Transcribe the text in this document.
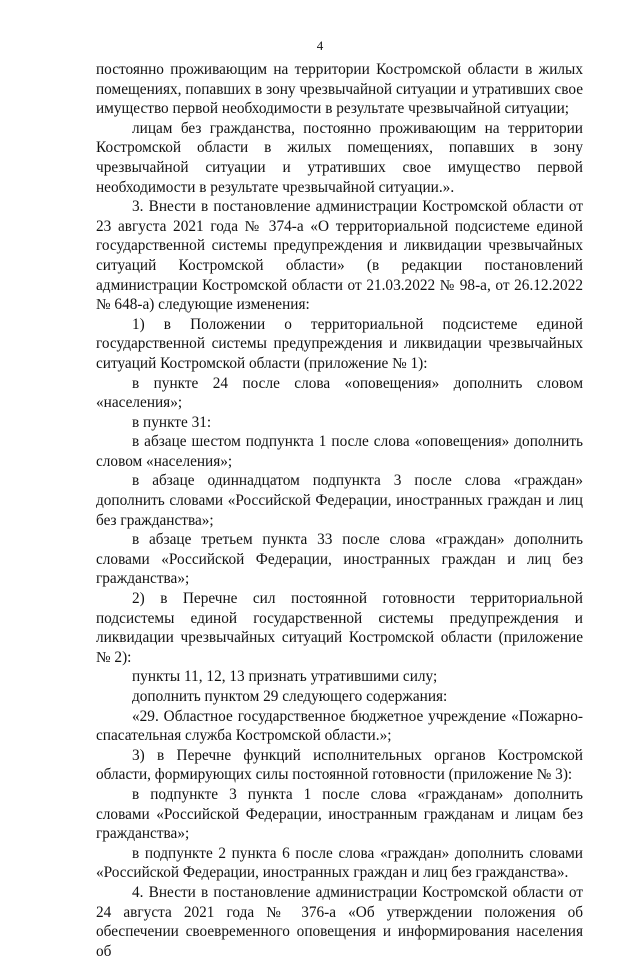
4

постоянно проживающим на территории Костромской области в жилых помещениях, попавших в зону чрезвычайной ситуации и утративших свое имущество первой необходимости в результате чрезвычайной ситуации;

лицам без гражданства, постоянно проживающим на территории Костромской области в жилых помещениях, попавших в зону чрезвычайной ситуации и утративших свое имущество первой необходимости в результате чрезвычайной ситуации.».

3. Внести в постановление администрации Костромской области от 23 августа 2021 года № 374-а «О территориальной подсистеме единой государственной системы предупреждения и ликвидации чрезвычайных ситуаций Костромской области» (в редакции постановлений администрации Костромской области от 21.03.2022 № 98-а, от 26.12.2022 № 648-а) следующие изменения:

1) в Положении о территориальной подсистеме единой государственной системы предупреждения и ликвидации чрезвычайных ситуаций Костромской области (приложение № 1):

в пункте 24 после слова «оповещения» дополнить словом «населения»;

в пункте 31:

в абзаце шестом подпункта 1 после слова «оповещения» дополнить словом «населения»;

в абзаце одиннадцатом подпункта 3 после слова «граждан» дополнить словами «Российской Федерации, иностранных граждан и лиц без гражданства»;

в абзаце третьем пункта 33 после слова «граждан» дополнить словами «Российской Федерации, иностранных граждан и лиц без гражданства»;

2) в Перечне сил постоянной готовности территориальной подсистемы единой государственной системы предупреждения и ликвидации чрезвычайных ситуаций Костромской области (приложение № 2):

пункты 11, 12, 13 признать утратившими силу;

дополнить пунктом 29 следующего содержания:

«29. Областное государственное бюджетное учреждение «Пожарно-спасательная служба Костромской области.»;

3) в Перечне функций исполнительных органов Костромской области, формирующих силы постоянной готовности (приложение № 3):

в подпункте 3 пункта 1 после слова «гражданам» дополнить словами «Российской Федерации, иностранным гражданам и лицам без гражданства»;

в подпункте 2 пункта 6 после слова «граждан» дополнить словами «Российской Федерации, иностранных граждан и лиц без гражданства».

4. Внести в постановление администрации Костромской области от 24 августа 2021 года № 376-а «Об утверждении положения об обеспечении своевременного оповещения и информирования населения об
